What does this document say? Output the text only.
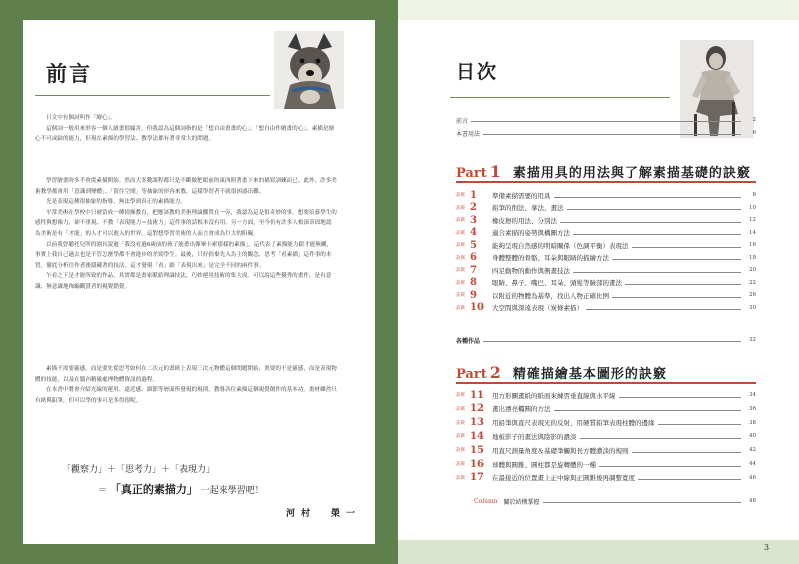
前言

日文中有個詞叫作「繪心」。

這個詞一般用來形容一個人繪畫很厲害，但我認為這個詞指的是「想自由畫畫的心」。「想自由作繪畫的心」。素描是繪心不可或缺的能力，但現在素描的學習法、教學法都有著非常大的問題。

學習繪畫時多半會從素描開始。然而大多數課程都只是不斷做把眼前的東西照著畫下來的描寫訓練而已。此外，許多美術教學都會用「意識到變體」、「留住空間」等抽象的形容來教，這樣學習者不就很困惑出難。

光是表現這種很抽象的指導，無法學到真正的素描能力。

平常美術在學校中只被當成一種情操教育，把應該教的美術理論擱置在一旁，我認為這是很奇妙的事。想要培養學生的感性與想像力，卻不重視、不教「表現能力＝技術力」這件事的話根本沒有用。另一方面，至今仍有許多人根深蒂固地認為美術是有「才能」的人才可以進入的世界，這對想學習美術的人而言會成為巨大的阻礙。

以前我曾聽托兒所的園長說過「我沒看過6歲前的孩子能畫出像畢卡索那樣的素描」。這代表了素描能力跟才能無關，事實上我自己過去也是不管怎麼學都不會進步的差勁學生。最後，只好拾棄先入為主的觀念，思考「看素描」這件事的本質，徹底分析住作者後隱藏著的技法。這才發現「看」跟「表現出來」是完全不同的兩件事。

乍看之下是才能所致的作品，其實都是畫家脈絡理論技法，巧妙運用技術的集大成。可以說這些優秀的畫作，是有意識、無意識地佈編觀賞者的視覺錯覺。

素描不需要靈感，而是要先從思考如何在二次元的畫紙上表現三次元物體這個問題開始，重要的不是靈感，而是表現物體的技能，以及在腦內精確處理物體資訊的過程。

在本書中將會介紹光線的運用、遠近感、細節等層面所發現的規則，教導各位素描這個視覺創作的基本功。畫材雖然只有紙與鉛筆，但可以學的事可是多得很呢。

「觀察力」＋「思考力」＋「表現力」
＝ 「真正的素描力」 一起來學習吧！
河村　榮一
日次
前言	2
本書用法	6
Part 1 素描用具的用法與了解素描基礎的訣竅
訣竅 1	準備素描需要的用具	8
訣竅 2	鉛筆的削法、拿法、畫法	10
訣竅 3	橡皮擦的用法、分別法	12
訣竅 4	適合素描的姿勢與構圖方法	14
訣竅 5	能夠呈現自然感的明暗關係（色調平衡）表現法	16
訣竅 6	身體整體的骨骼、耳朵與眼睛的描繪方法	18
訣竅 7	四足動物的動作與側畫技法	20
訣竅 8	眼睛、鼻子、嘴巴、耳朵、頭髮等臉部的畫法	22
訣竅 9	以附近的物體為基準，找出人物正確比例	26
訣竅 10	大空間與深遠表現（炭條素描）	30
各種作品	32
Part 2 精確描繪基本圖形的訣竅
訣竅 11	用方形圖畫紙的紙面來練習垂直線與水平線	34
訣竅 12	畫出漂亮橢圓的方法	36
訣竅 13	用鉛筆與直尺表現光的反射，用硬質鉛筆表現柱體的邊緣	38
訣竅 14	地板影子的畫法與陰影的濃淡	40
訣竅 15	用直尺測量角度＆基礎筆觸與長方體濃淡的規則	42
訣竅 16	球體與圓錐、圓柱都是旋轉體的一種	44
訣竅 17	在最接近的位置畫上正中線與正圓錐後再調整寬度	46
Column 關於結構掌握	48
3
